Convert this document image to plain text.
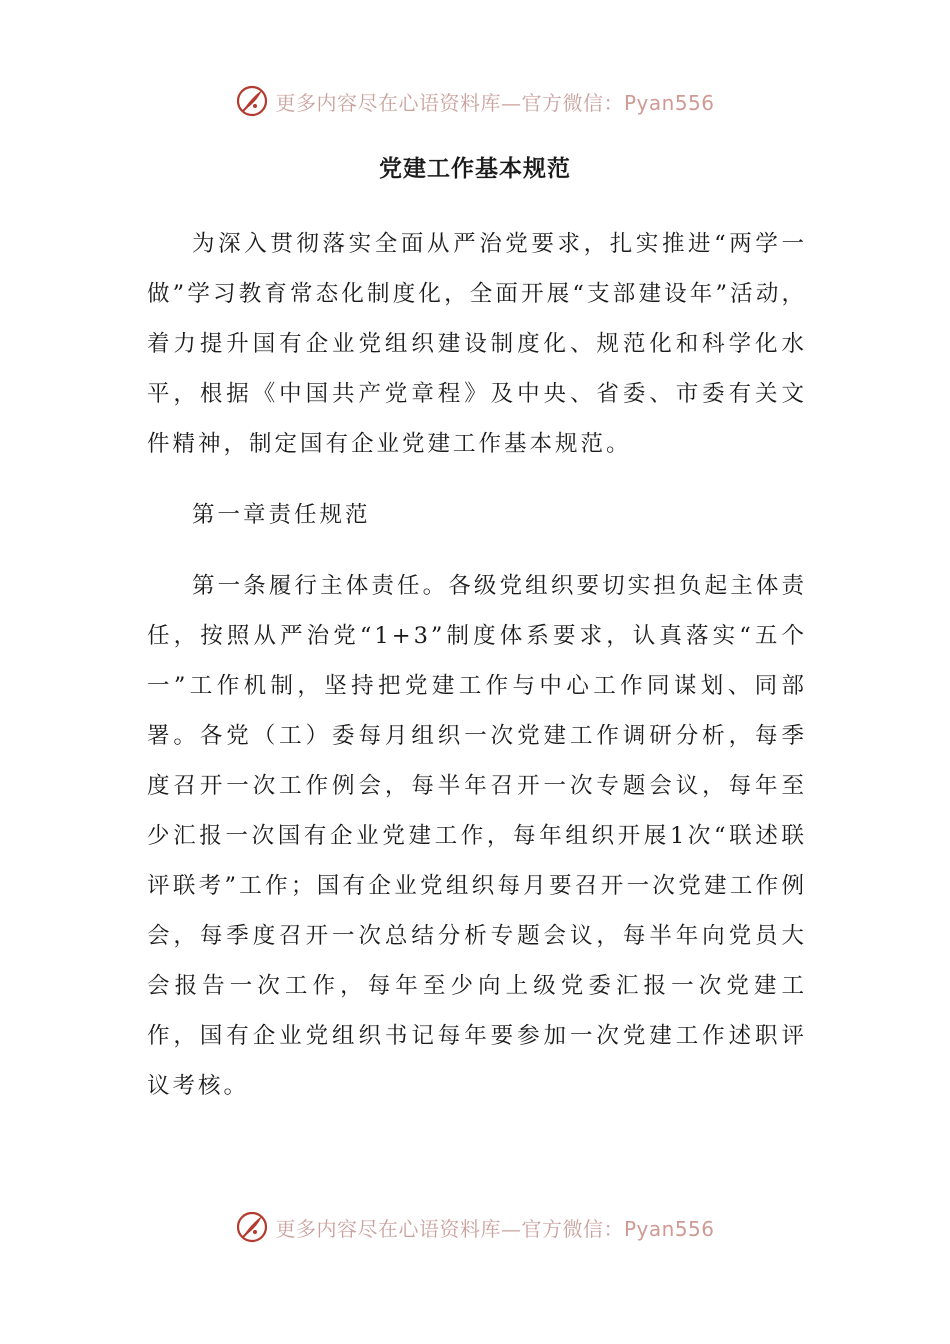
更多内容尽在心语资料库—官方微信：Pyan556
党建工作基本规范

为深入贯彻落实全面从严治党要求，扎实推进“两学一做”学习教育常态化制度化，全面开展“支部建设年”活动，着力提升国有企业党组织建设制度化、规范化和科学化水平，根据《中国共产党章程》及中央、省委、市委有关文件精神，制定国有企业党建工作基本规范。

第一章责任规范

第一条履行主体责任。各级党组织要切实担负起主体责任，按照从严治党“1+3”制度体系要求，认真落实“五个一”工作机制，坚持把党建工作与中心工作同谋划、同部署。各党（工）委每月组织一次党建工作调研分析，每季度召开一次工作例会，每半年召开一次专题会议，每年至少汇报一次国有企业党建工作，每年组织开展1次“联述联评联考”工作；国有企业党组织每月要召开一次党建工作例会，每季度召开一次总结分析专题会议，每半年向党员大会报告一次工作，每年至少向上级党委汇报一次党建工作，国有企业党组织书记每年要参加一次党建工作述职评议考核。

更多内容尽在心语资料库—官方微信：Pyan556
